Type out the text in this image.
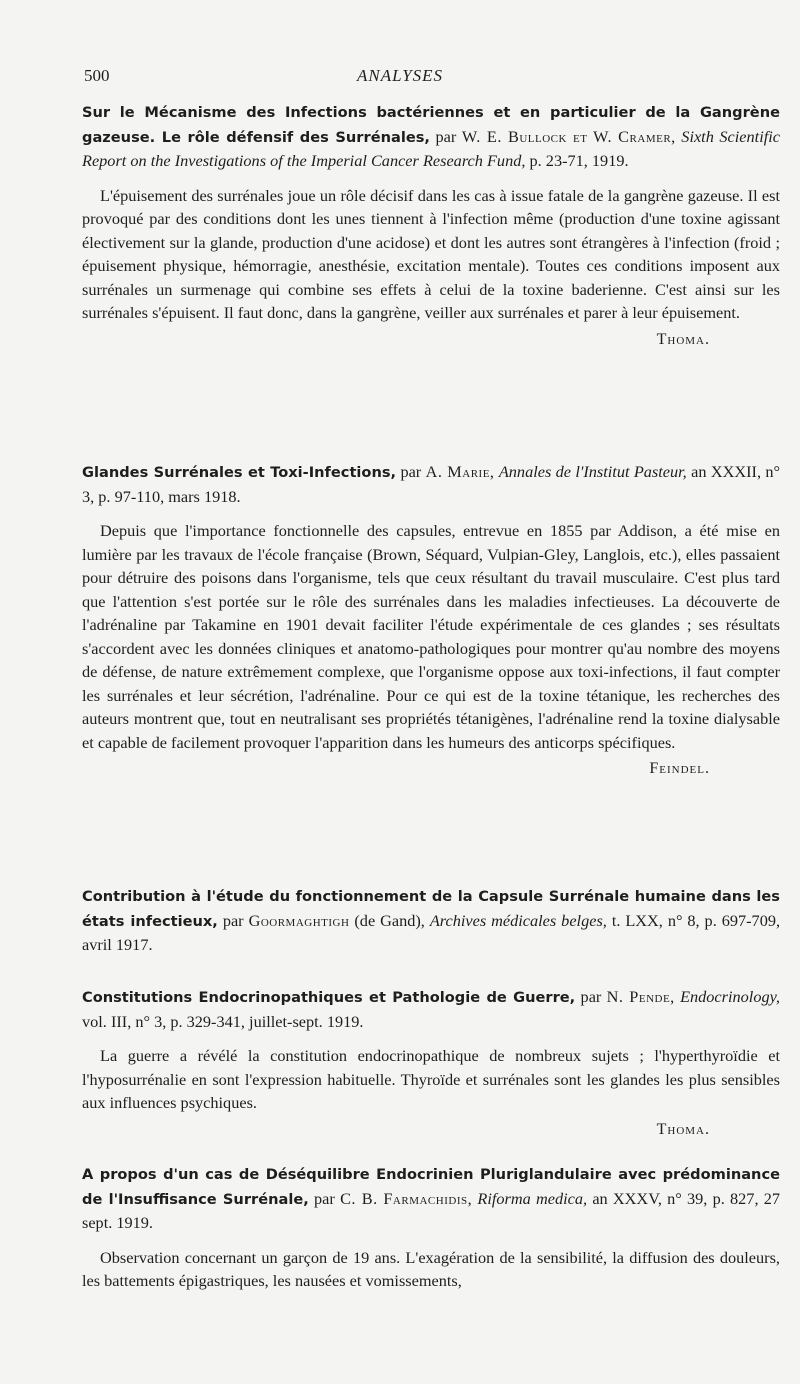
500	ANALYSES
Sur le Mécanisme des Infections bactériennes et en particulier de la Gangrène gazeuse. Le rôle défensif des Surrénales, par W. E. Bullock et W. Cramer, Sixth Scientific Report on the Investigations of the Imperial Cancer Research Fund, p. 23-71, 1919.

L'épuisement des surrénales joue un rôle décisif dans les cas à issue fatale de la gangrène gazeuse. Il est provoqué par des conditions dont les unes tiennent à l'infection même (production d'une toxine agissant électivement sur la glande, production d'une acidose) et dont les autres sont étrangères à l'infection (froid ; épuisement physique, hémorragie, anesthésie, excitation mentale). Toutes ces conditions imposent aux surrénales un surmenage qui combine ses effets à celui de la toxine baderienne. C'est ainsi sur les surrénales s'épuisent. Il faut donc, dans la gangrène, veiller aux surrénales et parer à leur épuisement.

Thoma.
Glandes Surrénales et Toxi-Infections, par A. Marie, Annales de l'Institut Pasteur, an XXXII, n° 3, p. 97-110, mars 1918.

Depuis que l'importance fonctionnelle des capsules, entrevue en 1855 par Addison, a été mise en lumière par les travaux de l'école française (Brown, Séquard, Vulpian-Gley, Langlois, etc.), elles passaient pour détruire des poisons dans l'organisme, tels que ceux résultant du travail musculaire. C'est plus tard que l'attention s'est portée sur le rôle des surrénales dans les maladies infectieuses. La découverte de l'adrénaline par Takamine en 1901 devait faciliter l'étude expérimentale de ces glandes ; ses résultats s'accordent avec les données cliniques et anatomo-pathologiques pour montrer qu'au nombre des moyens de défense, de nature extrêmement complexe, que l'organisme oppose aux toxi-infections, il faut compter les surrénales et leur sécrétion, l'adrénaline. Pour ce qui est de la toxine tétanique, les recherches des auteurs montrent que, tout en neutralisant ses propriétés tétanigènes, l'adrénaline rend la toxine dialysable et capable de facilement provoquer l'apparition dans les humeurs des anticorps spécifiques.

Feindel.
Contribution à l'étude du fonctionnement de la Capsule Surrénale humaine dans les états infectieux, par Goormaghtigh (de Gand), Archives médicales belges, t. LXX, n° 8, p. 697-709, avril 1917.
Constitutions Endocrinopathiques et Pathologie de Guerre, par N. Pende, Endocrinology, vol. III, n° 3, p. 329-341, juillet-sept. 1919.

La guerre a révélé la constitution endocrinopathique de nombreux sujets ; l'hyperthyroïdie et l'hyposurrénalie en sont l'expression habituelle. Thyroïde et surrénales sont les glandes les plus sensibles aux influences psychiques.

Thoma.
A propos d'un cas de Déséquilibre Endocrinien Pluriglandulaire avec prédominance de l'Insuffisance Surrénale, par C. B. Farmachidis, Riforma medica, an XXXV, n° 39, p. 827, 27 sept. 1919.

Observation concernant un garçon de 19 ans. L'exagération de la sensibilité, la diffusion des douleurs, les battements épigastriques, les nausées et vomissements,
